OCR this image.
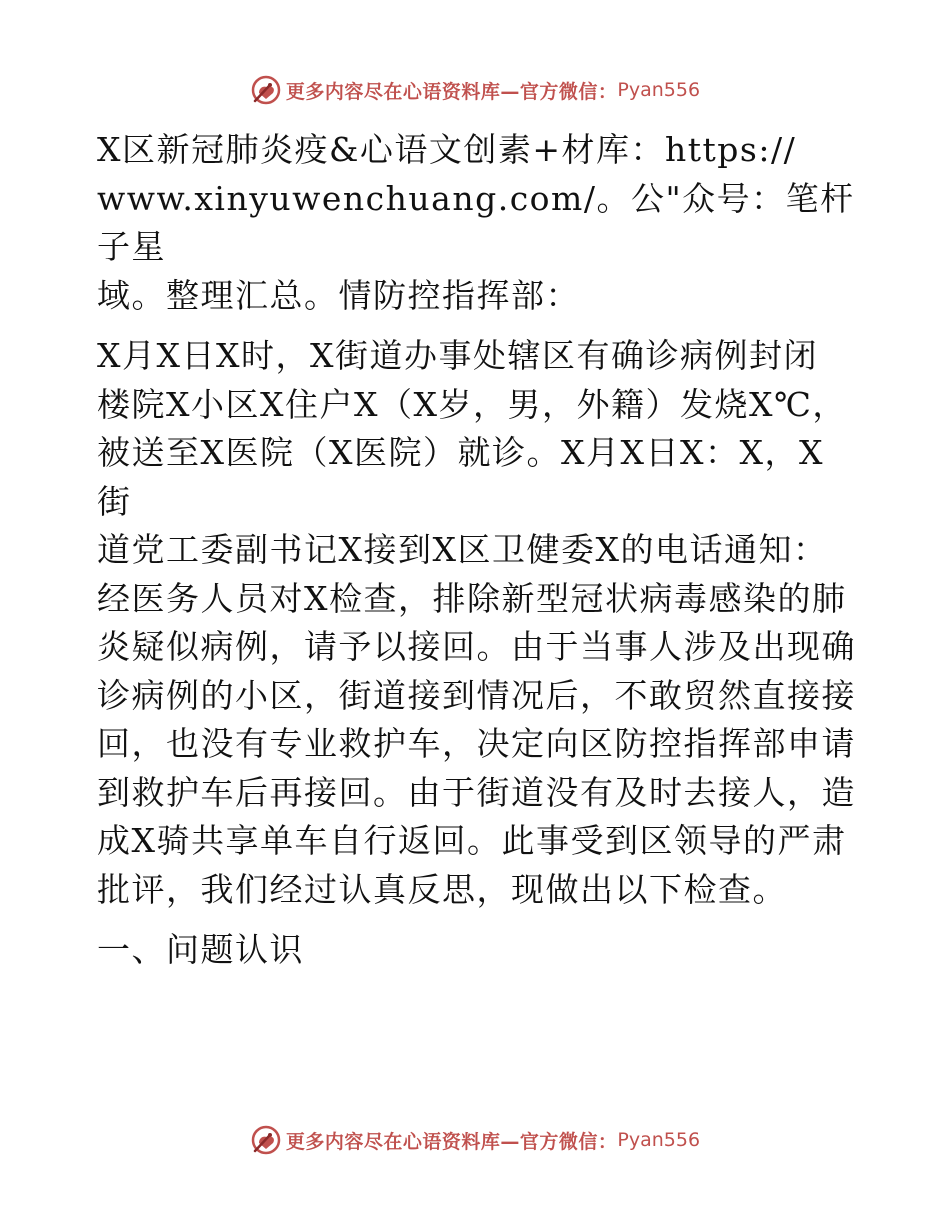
更多内容尽在心语资料库—官方微信： Pyan556

X区新冠肺炎疫&心语文创素+材库：https://
www.xinyuwenchuang.com/。公"众号：笔杆子星
域。整理汇总。情防控指挥部：

X月X日X时，X街道办事处辖区有确诊病例封闭
楼院X小区X住户X（X岁，男，外籍）发烧X℃，
被送至X医院（X医院）就诊。X月X日X：X，X街
道党工委副书记X接到X区卫健委X的电话通知：
经医务人员对X检查，排除新型冠状病毒感染的肺
炎疑似病例，请予以接回。由于当事人涉及出现确
诊病例的小区，街道接到情况后，不敢贸然直接接
回，也没有专业救护车，决定向区防控指挥部申请
到救护车后再接回。由于街道没有及时去接人，造
成X骑共享单车自行返回。此事受到区领导的严肃
批评，我们经过认真反思，现做出以下检查。

一、问题认识

更多内容尽在心语资料库—官方微信： Pyan556
